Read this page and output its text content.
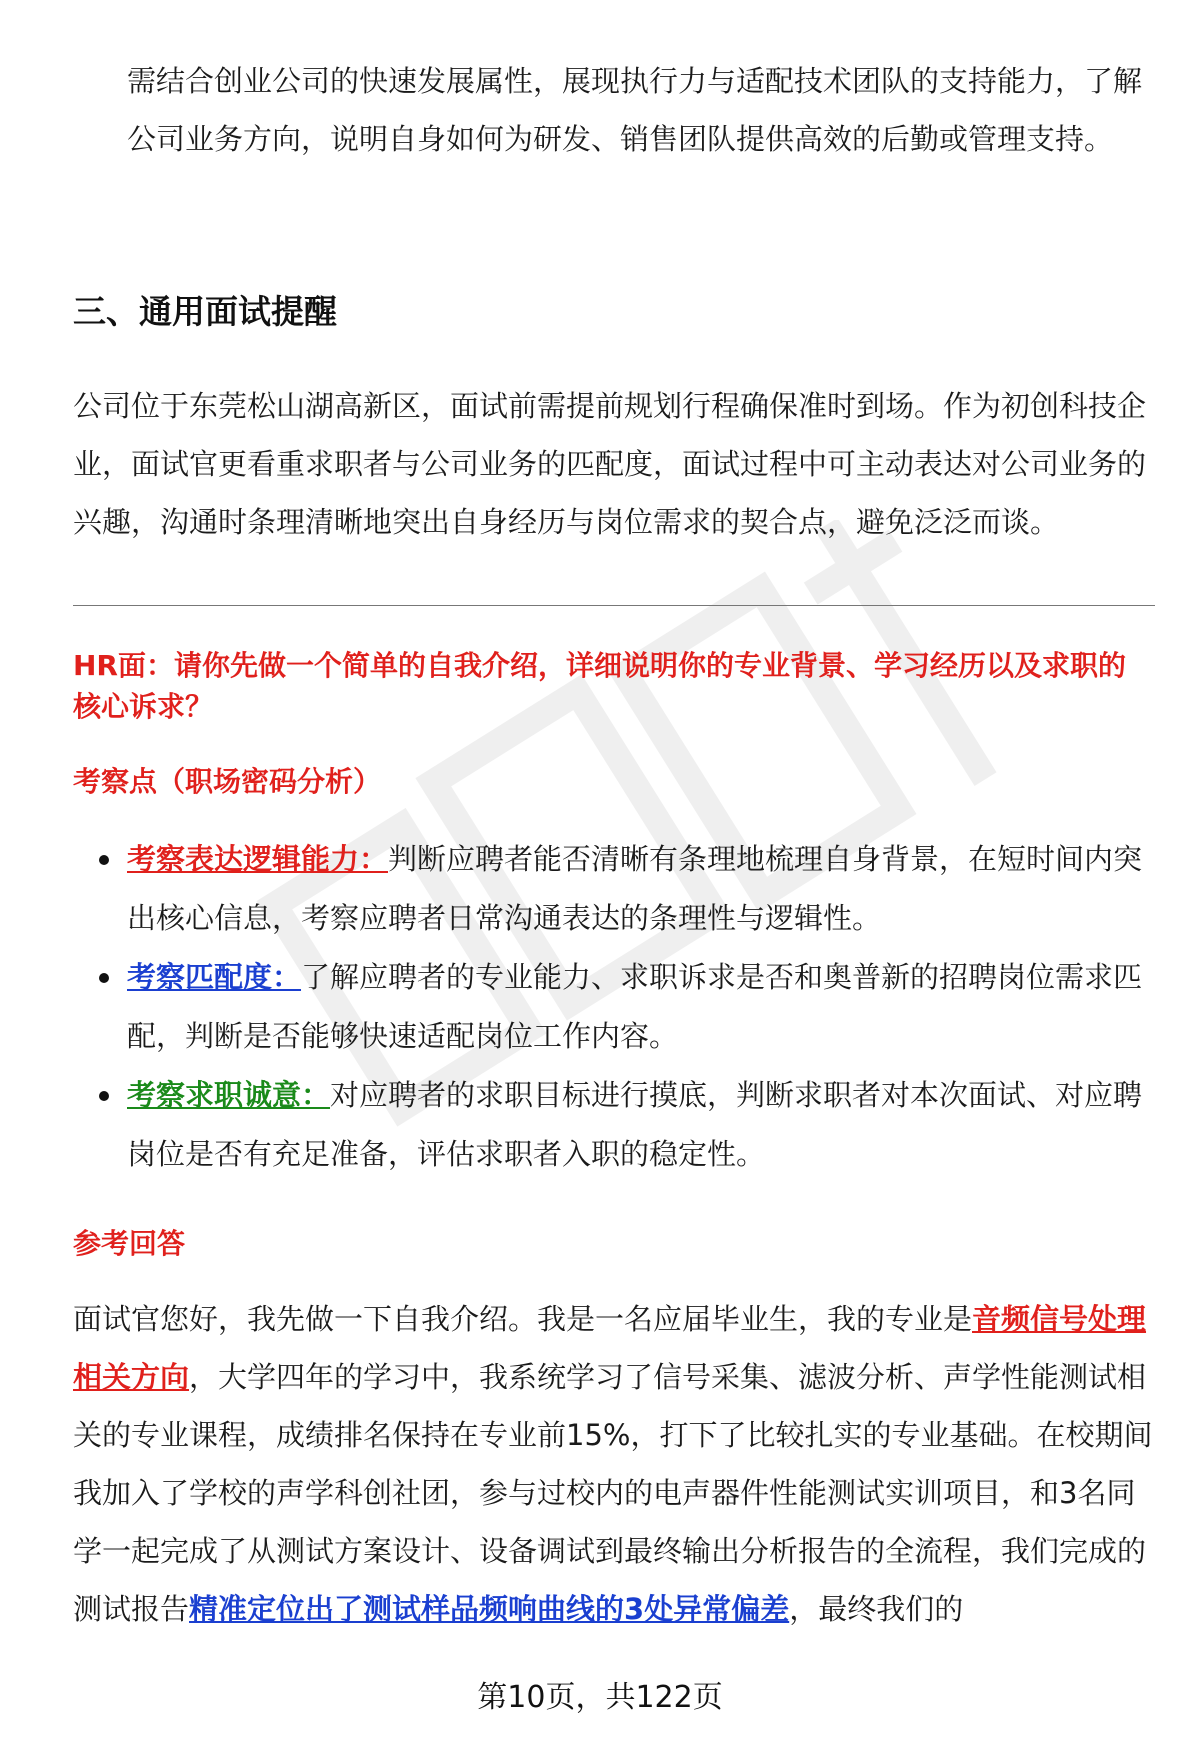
需结合创业公司的快速发展属性，展现执行力与适配技术团队的支持能力，了解公司业务方向，说明自身如何为研发、销售团队提供高效的后勤或管理支持。

三、通用面试提醒

公司位于东莞松山湖高新区，面试前需提前规划行程确保准时到场。作为初创科技企业，面试官更看重求职者与公司业务的匹配度，面试过程中可主动表达对公司业务的兴趣，沟通时条理清晰地突出自身经历与岗位需求的契合点，避免泛泛而谈。

HR面：请你先做一个简单的自我介绍，详细说明你的专业背景、学习经历以及求职的核心诉求？

考察点（职场密码分析）

考察表达逻辑能力：判断应聘者能否清晰有条理地梳理自身背景，在短时间内突出核心信息，考察应聘者日常沟通表达的条理性与逻辑性。
考察匹配度：了解应聘者的专业能力、求职诉求是否和奥普新的招聘岗位需求匹配，判断是否能够快速适配岗位工作内容。
考察求职诚意：对应聘者的求职目标进行摸底，判断求职者对本次面试、对应聘岗位是否有充足准备，评估求职者入职的稳定性。

参考回答

面试官您好，我先做一下自我介绍。我是一名应届毕业生，我的专业是音频信号处理相关方向，大学四年的学习中，我系统学习了信号采集、滤波分析、声学性能测试相关的专业课程，成绩排名保持在专业前15%，打下了比较扎实的专业基础。在校期间我加入了学校的声学科创社团，参与过校内的电声器件性能测试实训项目，和3名同学一起完成了从测试方案设计、设备调试到最终输出分析报告的全流程，我们完成的测试报告精准定位出了测试样品频响曲线的3处异常偏差，最终我们的

第10页，共122页
